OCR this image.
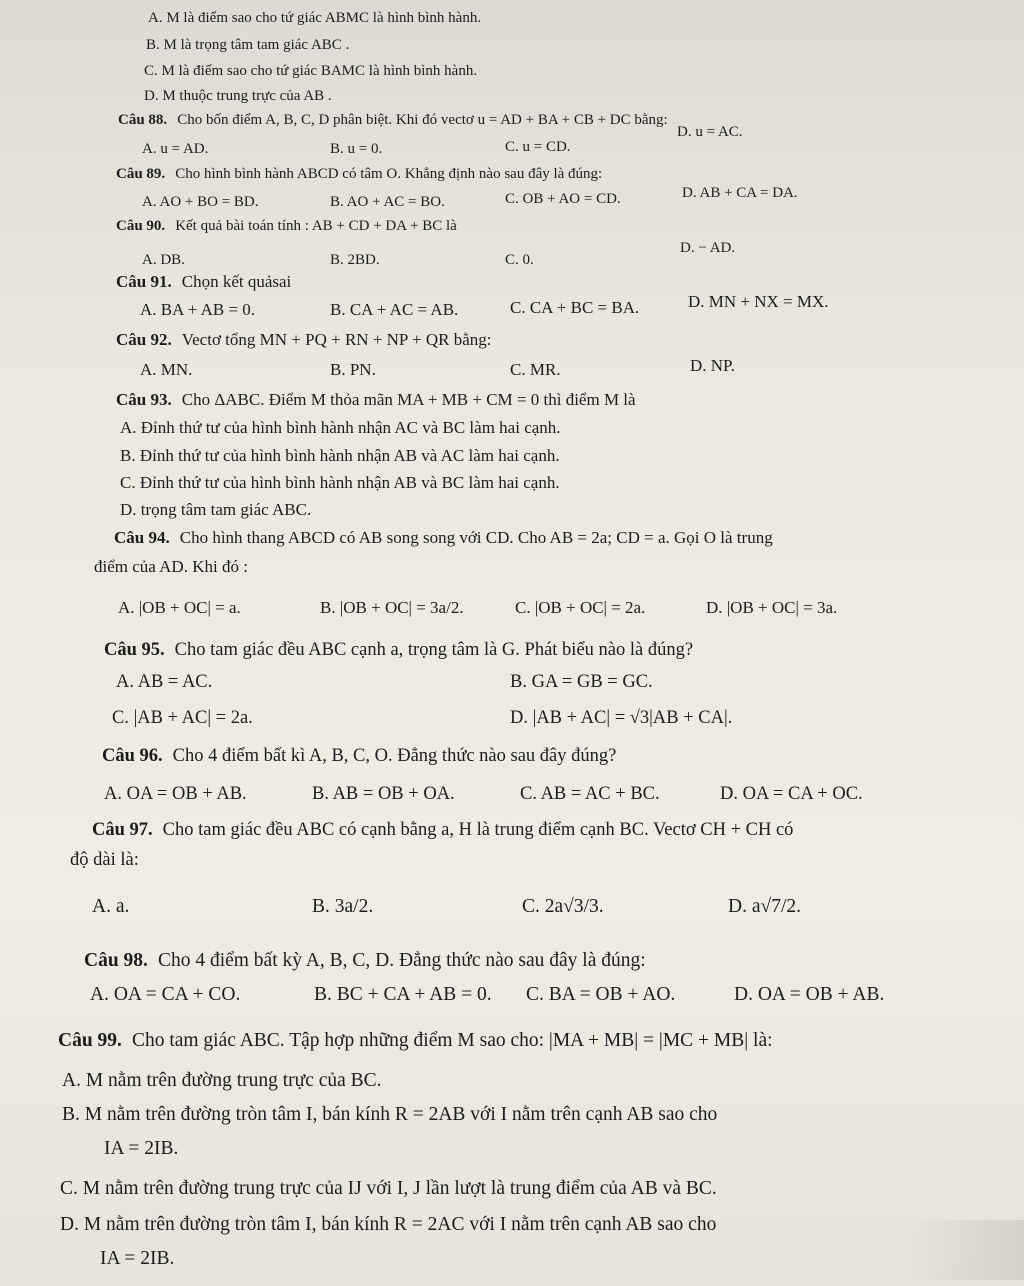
A. M là điểm sao cho tứ giác ABMC là hình bình hành.
B. M là trọng tâm tam giác ABC .
C. M là điểm sao cho tứ giác BAMC là hình bình hành.
D. M thuộc trung trực của AB .
Câu 88. Cho bốn điểm A, B, C, D phân biệt. Khi đó vectơ u = AD + BA + CB + DC bằng:
A. u = AD.	B. u = 0.	C. u = CD.
D. u = AC.
Câu 89. Cho hình bình hành ABCD có tâm O. Khẳng định nào sau đây là đúng:
A. AO + BO = BD.	B. AO + AC = BO.	C. OB + AO = CD.	D. AB + CA = DA.
Câu 90. Kết quả bài toán tính : AB + CD + DA + BC là
A. DB.	B. 2BD.	C. 0.
D. − AD.
Câu 91. Chọn kết quảsai
A. BA + AB = 0.	B. CA + AC = AB.	C. CA + BC = BA.	D. MN + NX = MX.
Câu 92. Vectơ tổng MN + PQ + RN + NP + QR bằng:
A. MN.	B. PN.	C. MR.	D. NP.
Câu 93. Cho ΔABC. Điểm M thỏa mãn MA + MB + CM = 0 thì điểm M là
A. Đỉnh thứ tư của hình bình hành nhận AC và BC làm hai cạnh.
B. Đỉnh thứ tư của hình bình hành nhận AB và AC làm hai cạnh.
C. Đỉnh thứ tư của hình bình hành nhận AB và BC làm hai cạnh.
D. trọng tâm tam giác ABC.
Câu 94. Cho hình thang ABCD có AB song song với CD. Cho AB = 2a; CD = a. Gọi O là trung
điểm của AD. Khi đó :
A. |OB + OC| = a.	B. |OB + OC| = 3a/2.	C. |OB + OC| = 2a.	D. |OB + OC| = 3a.
Câu 95. Cho tam giác đều ABC cạnh a, trọng tâm là G. Phát biểu nào là đúng?
A. AB = AC.	B. GA = GB = GC.
C. |AB + AC| = 2a.	D. |AB + AC| = √3|AB + CA|.
Câu 96. Cho 4 điểm bất kì A, B, C, O. Đẳng thức nào sau đây đúng?
A. OA = OB + AB.	B. AB = OB + OA.	C. AB = AC + BC.	D. OA = CA + OC.
Câu 97. Cho tam giác đều ABC có cạnh bằng a, H là trung điểm cạnh BC. Vectơ CH + CH có
độ dài là:
A. a.	B. 3a/2.	C. 2a√3/3.	D. a√7/2.
Câu 98. Cho 4 điểm bất kỳ A, B, C, D. Đẳng thức nào sau đây là đúng:
A. OA = CA + CO.	B. BC + CA + AB = 0. C. BA = OB + AO.	D. OA = OB + AB.
Câu 99. Cho tam giác ABC. Tập hợp những điểm M sao cho: |MA + MB| = |MC + MB| là:
A. M nằm trên đường trung trực của BC.
B. M nằm trên đường tròn tâm I, bán kính R = 2AB với I nằm trên cạnh AB sao cho
IA = 2IB.
C. M nằm trên đường trung trực của IJ với I, J lần lượt là trung điểm của AB và BC.
D. M nằm trên đường tròn tâm I, bán kính R = 2AC với I nằm trên cạnh AB sao cho
IA = 2IB.
